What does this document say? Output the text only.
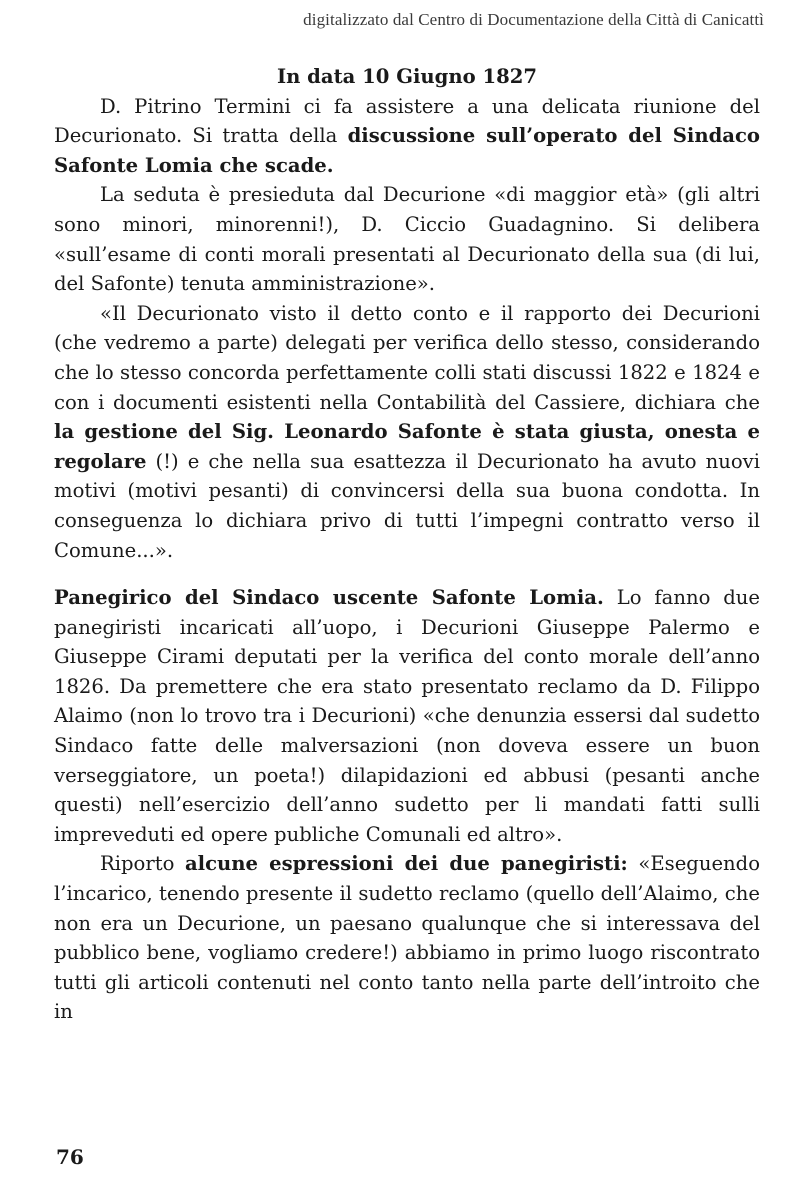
digitalizzato dal Centro di Documentazione della Città di Canicattì
In data 10 Giugno 1827

D. Pitrino Termini ci fa assistere a una delicata riunione del Decurionato. Si tratta della discussione sull’operato del Sindaco Safonte Lomia che scade.

La seduta è presieduta dal Decurione «di maggior età» (gli altri sono minori, minorenni!), D. Ciccio Guadagnino. Si delibera «sull’esame di conti morali presentati al Decurionato della sua (di lui, del Safonte) tenuta amministrazione».

«Il Decurionato visto il detto conto e il rapporto dei Decurioni (che vedremo a parte) delegati per verifica dello stesso, considerando che lo stesso concorda perfettamente colli stati discussi 1822 e 1824 e con i documenti esistenti nella Contabilità del Cassiere, dichiara che la gestione del Sig. Leonardo Safonte è stata giusta, onesta e regolare (!) e che nella sua esattezza il Decurionato ha avuto nuovi motivi (motivi pesanti) di convincersi della sua buona condotta. In conseguenza lo dichiara privo di tutti l’impegni contratto verso il Comune...».

Panegirico del Sindaco uscente Safonte Lomia. Lo fanno due panegiristi incaricati all’uopo, i Decurioni Giuseppe Palermo e Giuseppe Cirami deputati per la verifica del conto morale dell’anno 1826. Da premettere che era stato presentato reclamo da D. Filippo Alaimo (non lo trovo tra i Decurioni) «che denunzia essersi dal sudetto Sindaco fatte delle malversazioni (non doveva essere un buon verseggiatore, un poeta!) dilapidazioni ed abbusi (pesanti anche questi) nell’esercizio dell’anno sudetto per li mandati fatti sulli impreveduti ed opere publiche Comunali ed altro».

Riporto alcune espressioni dei due panegiristi: «Eseguendo l’incarico, tenendo presente il sudetto reclamo (quello dell’Alaimo, che non era un Decurione, un paesano qualunque che si interessava del pubblico bene, vogliamo credere!) abbiamo in primo luogo riscontrato tutti gli articoli contenuti nel conto tanto nella parte dell’introito che in

76
